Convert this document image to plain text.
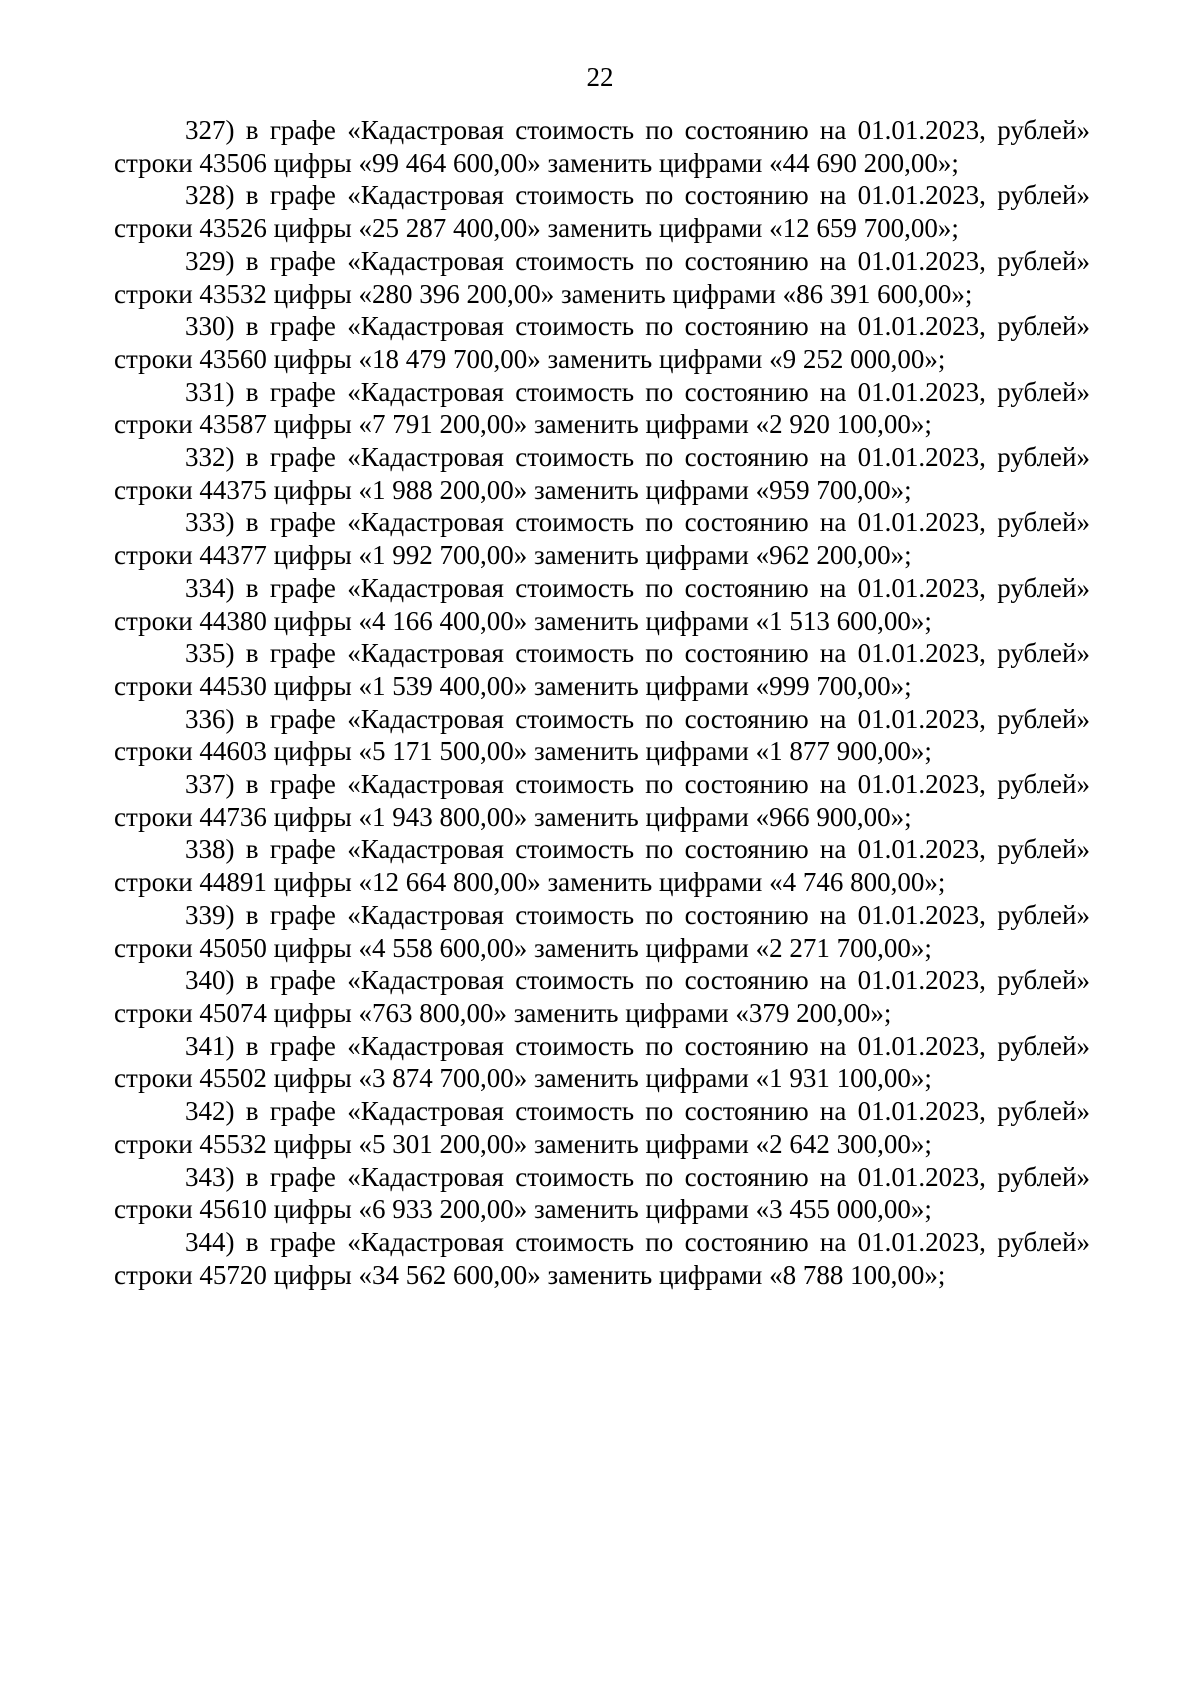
22

327) в графе «Кадастровая стоимость по состоянию на 01.01.2023, рублей» строки 43506 цифры «99 464 600,00» заменить цифрами «44 690 200,00»;

328) в графе «Кадастровая стоимость по состоянию на 01.01.2023, рублей» строки 43526 цифры «25 287 400,00» заменить цифрами «12 659 700,00»;

329) в графе «Кадастровая стоимость по состоянию на 01.01.2023, рублей» строки 43532 цифры «280 396 200,00» заменить цифрами «86 391 600,00»;

330) в графе «Кадастровая стоимость по состоянию на 01.01.2023, рублей» строки 43560 цифры «18 479 700,00» заменить цифрами «9 252 000,00»;

331) в графе «Кадастровая стоимость по состоянию на 01.01.2023, рублей» строки 43587 цифры «7 791 200,00» заменить цифрами «2 920 100,00»;

332) в графе «Кадастровая стоимость по состоянию на 01.01.2023, рублей» строки 44375 цифры «1 988 200,00» заменить цифрами «959 700,00»;

333) в графе «Кадастровая стоимость по состоянию на 01.01.2023, рублей» строки 44377 цифры «1 992 700,00» заменить цифрами «962 200,00»;

334) в графе «Кадастровая стоимость по состоянию на 01.01.2023, рублей» строки 44380 цифры «4 166 400,00» заменить цифрами «1 513 600,00»;

335) в графе «Кадастровая стоимость по состоянию на 01.01.2023, рублей» строки 44530 цифры «1 539 400,00» заменить цифрами «999 700,00»;

336) в графе «Кадастровая стоимость по состоянию на 01.01.2023, рублей» строки 44603 цифры «5 171 500,00» заменить цифрами «1 877 900,00»;

337) в графе «Кадастровая стоимость по состоянию на 01.01.2023, рублей» строки 44736 цифры «1 943 800,00» заменить цифрами «966 900,00»;

338) в графе «Кадастровая стоимость по состоянию на 01.01.2023, рублей» строки 44891 цифры «12 664 800,00» заменить цифрами «4 746 800,00»;

339) в графе «Кадастровая стоимость по состоянию на 01.01.2023, рублей» строки 45050 цифры «4 558 600,00» заменить цифрами «2 271 700,00»;

340) в графе «Кадастровая стоимость по состоянию на 01.01.2023, рублей» строки 45074 цифры «763 800,00» заменить цифрами «379 200,00»;

341) в графе «Кадастровая стоимость по состоянию на 01.01.2023, рублей» строки 45502 цифры «3 874 700,00» заменить цифрами «1 931 100,00»;

342) в графе «Кадастровая стоимость по состоянию на 01.01.2023, рублей» строки 45532 цифры «5 301 200,00» заменить цифрами «2 642 300,00»;

343) в графе «Кадастровая стоимость по состоянию на 01.01.2023, рублей» строки 45610 цифры «6 933 200,00» заменить цифрами «3 455 000,00»;

344) в графе «Кадастровая стоимость по состоянию на 01.01.2023, рублей» строки 45720 цифры «34 562 600,00» заменить цифрами «8 788 100,00»;
